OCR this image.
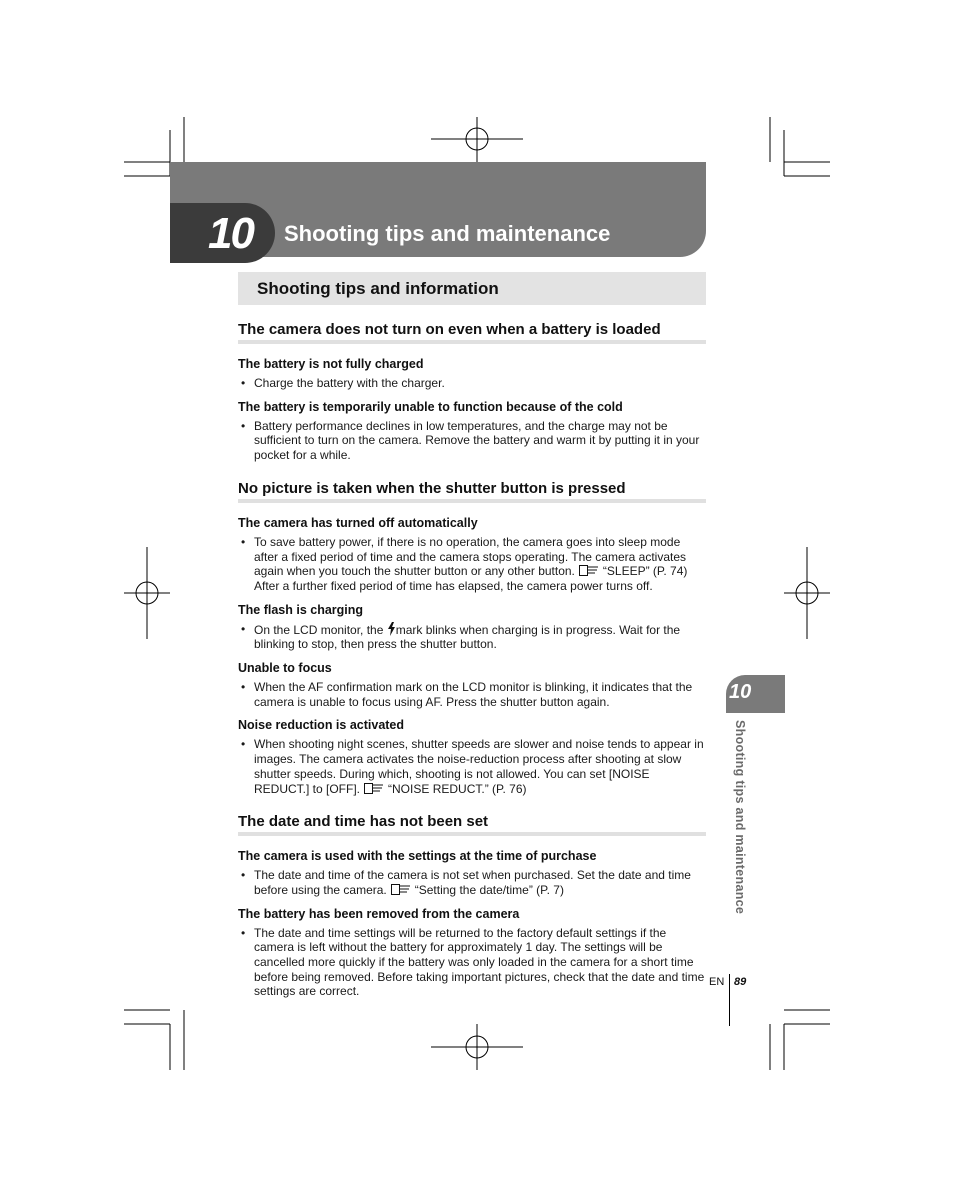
10 Shooting tips and maintenance
Shooting tips and information
The camera does not turn on even when a battery is loaded
The battery is not fully charged
• Charge the battery with the charger.
The battery is temporarily unable to function because of the cold
• Battery performance declines in low temperatures, and the charge may not be sufficient to turn on the camera. Remove the battery and warm it by putting it in your pocket for a while.
No picture is taken when the shutter button is pressed
The camera has turned off automatically
• To save battery power, if there is no operation, the camera goes into sleep mode after a fixed period of time and the camera stops operating. The camera activates again when you touch the shutter button or any other button. “SLEEP” (P. 74)
After a further fixed period of time has elapsed, the camera power turns off.
The flash is charging
• On the LCD monitor, the mark blinks when charging is in progress. Wait for the blinking to stop, then press the shutter button.
Unable to focus
• When the AF confirmation mark on the LCD monitor is blinking, it indicates that the camera is unable to focus using AF. Press the shutter button again.
Noise reduction is activated
• When shooting night scenes, shutter speeds are slower and noise tends to appear in images. The camera activates the noise-reduction process after shooting at slow shutter speeds. During which, shooting is not allowed. You can set [NOISE REDUCT.] to [OFF]. “NOISE REDUCT.” (P. 76)
The date and time has not been set
The camera is used with the settings at the time of purchase
• The date and time of the camera is not set when purchased. Set the date and time before using the camera. “Setting the date/time” (P. 7)
The battery has been removed from the camera
• The date and time settings will be returned to the factory default settings if the camera is left without the battery for approximately 1 day. The settings will be cancelled more quickly if the battery was only loaded in the camera for a short time before being removed. Before taking important pictures, check that the date and time settings are correct.
10
Shooting tips and maintenance
EN 89
